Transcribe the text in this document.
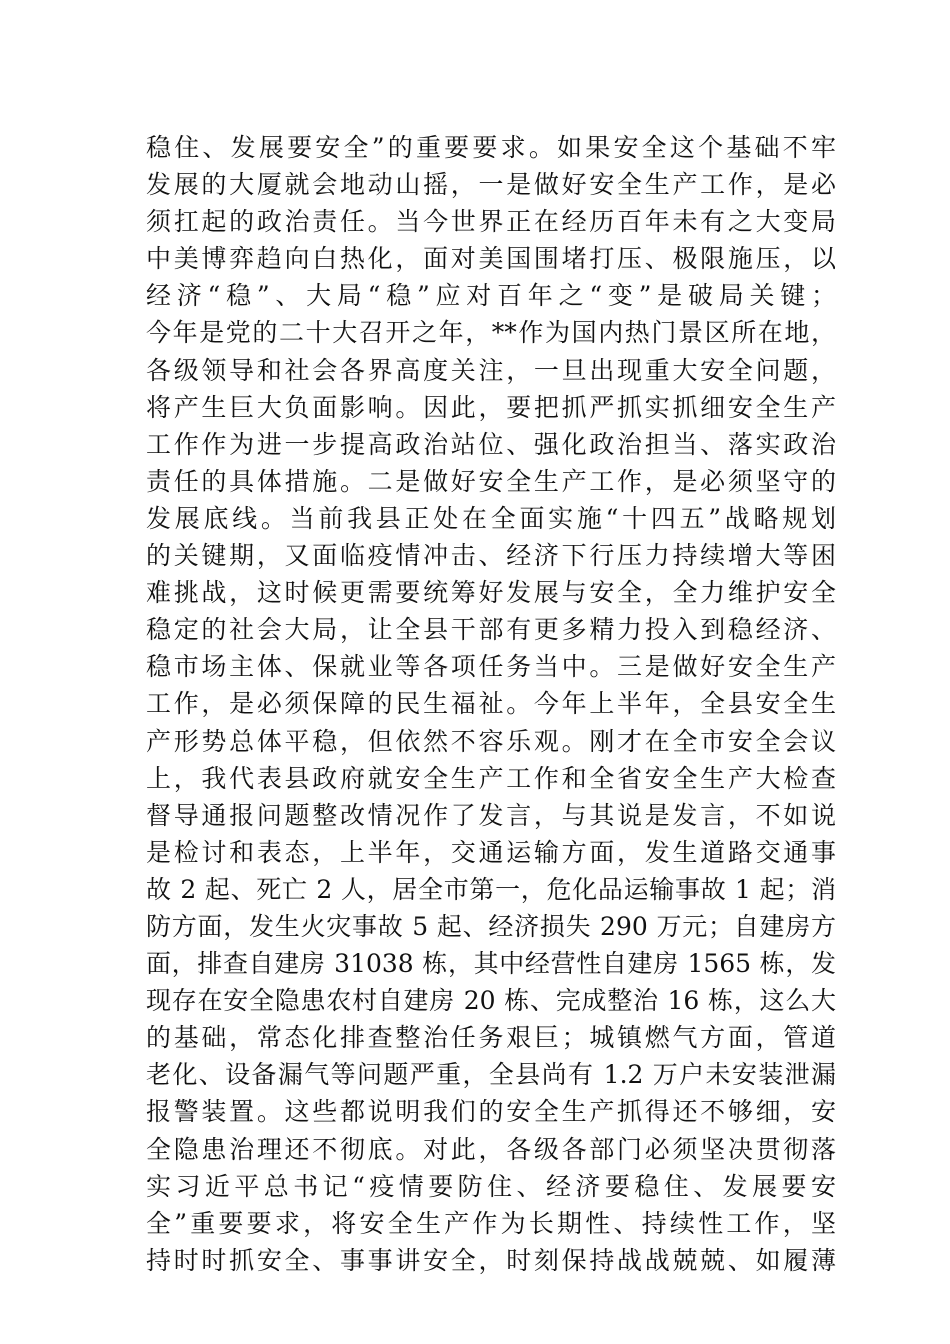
稳住、发展要安全”的重要要求。如果安全这个基础不牢
发展的大厦就会地动山摇，一是做好安全生产工作，是必
须扛起的政治责任。当今世界正在经历百年未有之大变局
中美博弈趋向白热化，面对美国围堵打压、极限施压，以
经济“稳”、大局“稳”应对百年之“变”是破局关键；
今年是党的二十大召开之年，**作为国内热门景区所在地，
各级领导和社会各界高度关注，一旦出现重大安全问题，
将产生巨大负面影响。因此，要把抓严抓实抓细安全生产
工作作为进一步提高政治站位、强化政治担当、落实政治
责任的具体措施。二是做好安全生产工作，是必须坚守的
发展底线。当前我县正处在全面实施“十四五”战略规划
的关键期，又面临疫情冲击、经济下行压力持续增大等困
难挑战，这时候更需要统筹好发展与安全，全力维护安全
稳定的社会大局，让全县干部有更多精力投入到稳经济、
稳市场主体、保就业等各项任务当中。三是做好安全生产
工作，是必须保障的民生福祉。今年上半年，全县安全生
产形势总体平稳，但依然不容乐观。刚才在全市安全会议
上，我代表县政府就安全生产工作和全省安全生产大检查
督导通报问题整改情况作了发言，与其说是发言，不如说
是检讨和表态，上半年，交通运输方面，发生道路交通事
故 2 起、死亡 2 人，居全市第一，危化品运输事故 1 起；消
防方面，发生火灾事故 5 起、经济损失 290 万元；自建房方
面，排查自建房 31038 栋，其中经营性自建房 1565 栋，发
现存在安全隐患农村自建房 20 栋、完成整治 16 栋，这么大
的基础，常态化排查整治任务艰巨；城镇燃气方面，管道
老化、设备漏气等问题严重，全县尚有 1.2 万户未安装泄漏
报警装置。这些都说明我们的安全生产抓得还不够细，安
全隐患治理还不彻底。对此，各级各部门必须坚决贯彻落
实习近平总书记“疫情要防住、经济要稳住、发展要安
全”重要要求，将安全生产作为长期性、持续性工作，坚
持时时抓安全、事事讲安全，时刻保持战战兢兢、如履薄
